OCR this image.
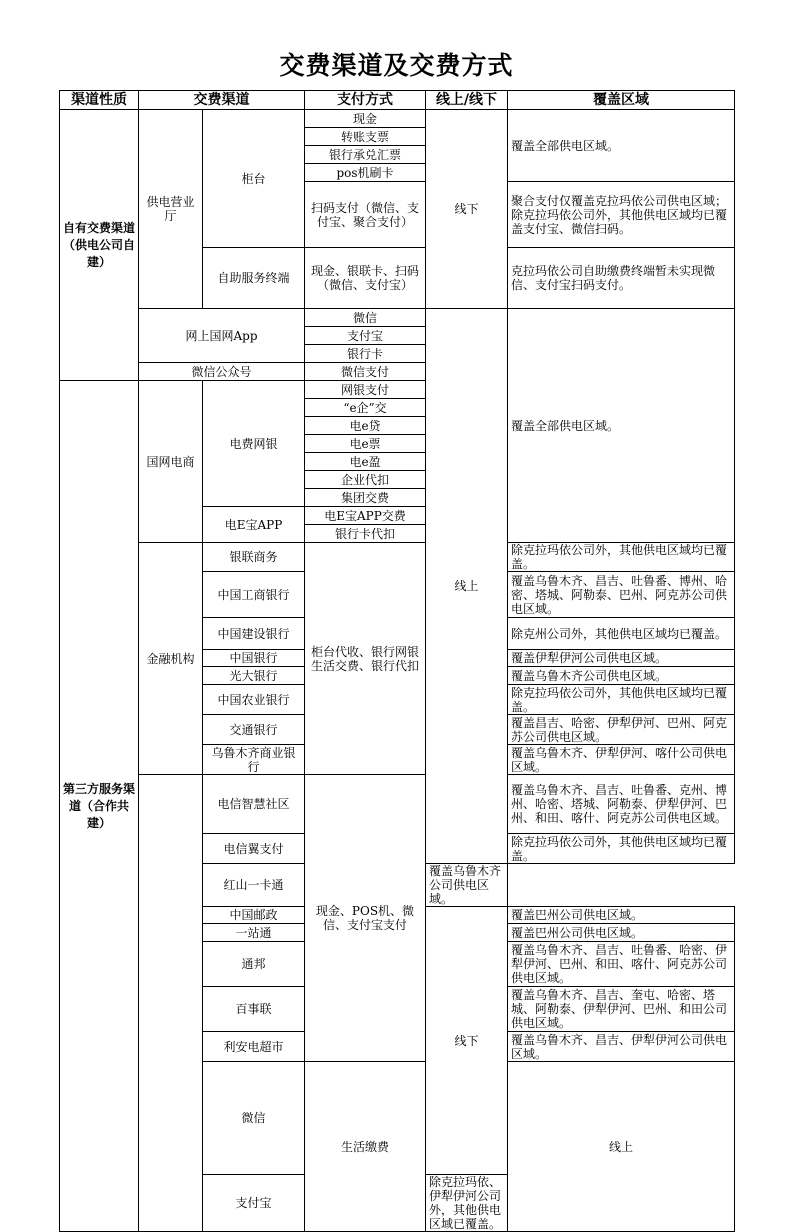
交费渠道及交费方式
渠道性质	交费渠道		支付方式	线上/线下	覆盖区域	
自有交费渠道（供电公司自建）	供电营业厅	柜台	现金	线下	覆盖全部供电区域。	
			转账支票			
			银行承兑汇票			
			pos机刷卡			
			扫码支付（微信、支付宝、聚合支付）		聚合支付仅覆盖克拉玛依公司供电区域；除克拉玛依公司外，其他供电区域均已覆盖支付宝、微信扫码。	

		自助服务终端	现金、银联卡、扫码（微信、支付宝）		克拉玛依公司自助缴费终端暂未实现微信、支付宝扫码支付。	

	网上国网App		微信	线上	覆盖全部供电区域。	
			支付宝			
			银行卡			
	微信公众号		微信支付			
第三方服务渠道（合作共建）	国网电商	电费网银	网银支付			
			“e企”交			
			电e贷			
			电e票			
			电e盈			
			企业代扣			
			集团交费			
		电E宝APP	电E宝APP交费			
			银行卡代扣			
	金融机构	银联商务	柜台代收、银行网银生活交费、银行代扣		除克拉玛依公司外，其他供电区域均已覆盖。	
		中国工商银行			覆盖乌鲁木齐、昌吉、吐鲁番、博州、哈密、塔城、阿勒泰、巴州、阿克苏公司供电区域。	
		中国建设银行			除克州公司外，其他供电区域均已覆盖。	
		中国银行			覆盖伊犁伊河公司供电区域。	
		光大银行			覆盖乌鲁木齐公司供电区域。	
		中国农业银行			除克拉玛依公司外，其他供电区域均已覆盖。	
		交通银行			覆盖昌吉、哈密、伊犁伊河、巴州、阿克苏公司供电区域。	
		乌鲁木齐商业银行			覆盖乌鲁木齐、伊犁伊河、喀什公司供电区域。	
		电信智慧社区	现金、POS机、微信、支付宝支付		覆盖乌鲁木齐、昌吉、吐鲁番、克州、博州、哈密、塔城、阿勒泰、伊犁伊河、巴州、和田、喀什、阿克苏公司供电区域。	
		电信翼支付			除克拉玛依公司外，其他供电区域均已覆盖。	
		红山一卡通		覆盖乌鲁木齐公司供电区域。		
		中国邮政		线下	覆盖巴州公司供电区域。	
		一站通			覆盖巴州公司供电区域。	
		通邦			覆盖乌鲁木齐、昌吉、吐鲁番、哈密、伊犁伊河、巴州、和田、喀什、阿克苏公司供电区域。	
		百事联			覆盖乌鲁木齐、昌吉、奎屯、哈密、塔城、阿勒泰、伊犁伊河、巴州、和田公司供电区域。	
		利安电超市			覆盖乌鲁木齐、昌吉、伊犁伊河公司供电区域。	
		微信	生活缴费		线上	
		支付宝		除克拉玛依、伊犁伊河公司外，其他供电区域已覆盖。		
